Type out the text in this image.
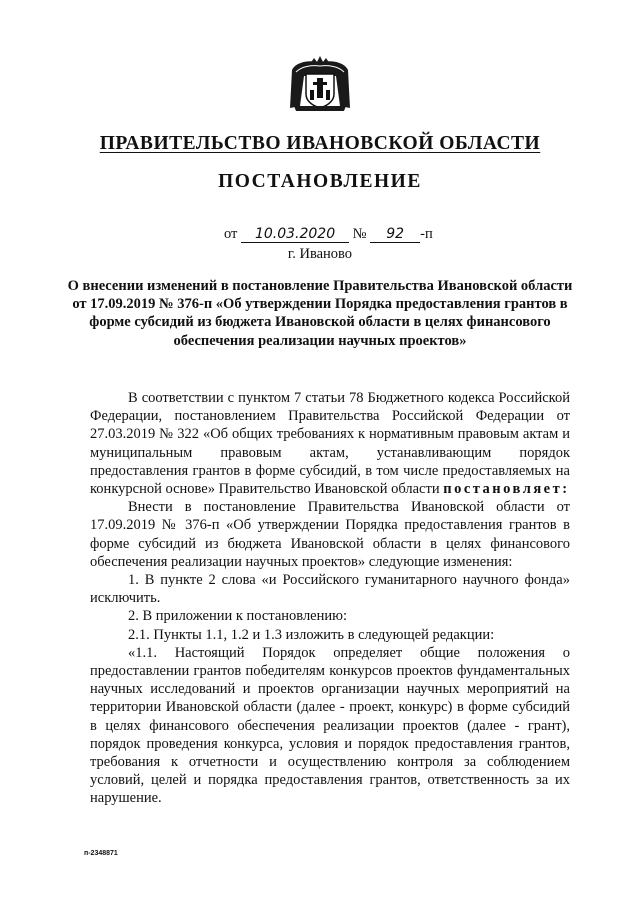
ПРАВИТЕЛЬСТВО ИВАНОВСКОЙ ОБЛАСТИ
ПОСТАНОВЛЕНИЕ
от 10.03.2020 № 92 -п
г. Иваново
О внесении изменений в постановление Правительства Ивановской области от 17.09.2019 № 376-п «Об утверждении Порядка предоставления грантов в форме субсидий из бюджета Ивановской области в целях финансового обеспечения реализации научных проектов»

В соответствии с пунктом 7 статьи 78 Бюджетного кодекса Российской Федерации, постановлением Правительства Российской Федерации от 27.03.2019 № 322 «Об общих требованиях к нормативным правовым актам и муниципальным правовым актам, устанавливающим порядок предоставления грантов в форме субсидий, в том числе предоставляемых на конкурсной основе» Правительство Ивановской области постановляет:

Внести в постановление Правительства Ивановской области от 17.09.2019 № 376-п «Об утверждении Порядка предоставления грантов в форме субсидий из бюджета Ивановской области в целях финансового обеспечения реализации научных проектов» следующие изменения:

1. В пункте 2 слова «и Российского гуманитарного научного фонда» исключить.

2. В приложении к постановлению:

2.1. Пункты 1.1, 1.2 и 1.3 изложить в следующей редакции:

«1.1. Настоящий Порядок определяет общие положения о предоставлении грантов победителям конкурсов проектов фундаментальных научных исследований и проектов организации научных мероприятий на территории Ивановской области (далее - проект, конкурс) в форме субсидий в целях финансового обеспечения реализации проектов (далее - грант), порядок проведения конкурса, условия и порядок предоставления грантов, требования к отчетности и осуществлению контроля за соблюдением условий, целей и порядка предоставления грантов, ответственность за их нарушение.

п-2348871
